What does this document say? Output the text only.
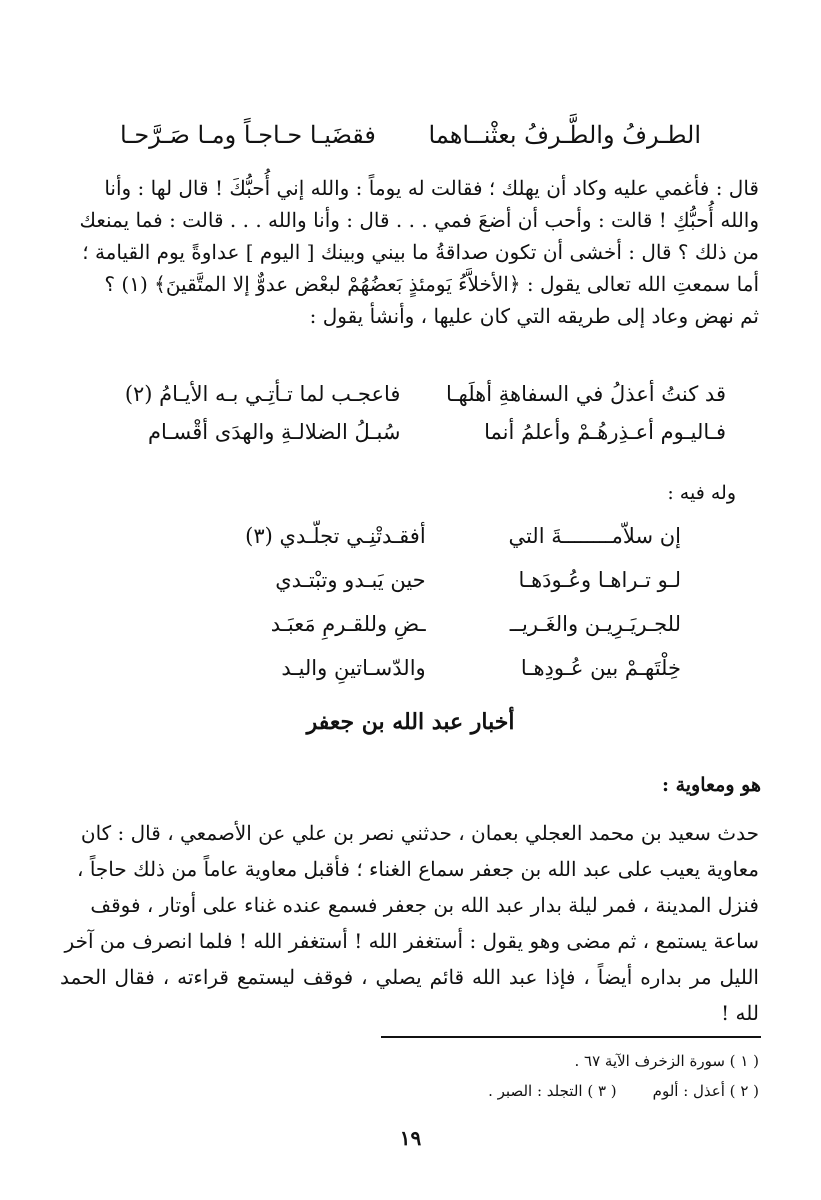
الطـرفُ والطَّـرفُ بعثْنــاهما
فقضَيـا حـاجـاً ومـا صَـرَّحـا

قال : فأغمي عليه وكاد أن يهلك ؛ فقالت له يوماً : والله إني أُحبُّكَ ! قال لها : وأنا

والله أُحبُّكِ ! قالت : وأحب أن أضعَ فمي . . . قال : وأنا والله . . . قالت : فما يمنعك

من ذلك ؟ قال : أخشى أن تكون صداقةُ ما بيني وبينك [ اليوم ] عداوةً يوم القيامة ؛

أما سمعتِ الله تعالى يقول : ﴿الأخلاَّءُ يَومئذٍ بَعضُهُمْ لبعْض عدوٌّ إلا المتَّقينَ﴾ (١) ؟

ثم نهض وعاد إلى طريقه التي كان عليها ، وأنشأ يقول :

قد كنتُ أعذلُ في السفاهةِ أهلَهـا
فاعجـب لما تـأتِـي بـه الأيـامُ (٢)
فـاليـوم أعـذِرهُـمْ وأعلمُ أنما
سُبـلُ الضلالـةِ والهدَى أقْسـام
وله فيه :
إن سلاّمــــــــةَ التي
أفقـدتْنِـي تجلّـدي (٣)
لـو تـراهـا وعُـودَهـا
حين يَبـدو وتبْتـدي
للجـريَـرِيـن والغَـريــ
ـضِ وللقـرمِ مَعبَـد
خِلْتَهـمْ بين عُـودِهـا
والدّسـاتينِ واليـد
أخبار عبد الله بن جعفر
هو ومعاوية :

حدث سعيد بن محمد العجلي بعمان ، حدثني نصر بن علي عن الأصمعي ، قال : كان

معاوية يعيب على عبد الله بن جعفر سماع الغناء ؛ فأقبل معاوية عاماً من ذلك حاجاً ،

فنزل المدينة ، فمر ليلة بدار عبد الله بن جعفر فسمع عنده غناء على أوتار ، فوقف

ساعة يستمع ، ثم مضى وهو يقول : أستغفر الله ! أستغفر الله ! فلما انصرف من آخر

الليل مر بداره أيضاً ، فإذا عبد الله قائم يصلي ، فوقف ليستمع قراءته ، فقال الحمد لله !

( ١ ) سورة الزخرف الآية ٦٧ .
( ٢ ) أعذل : ألوم
( ٣ ) التجلد : الصبر .
١٩
